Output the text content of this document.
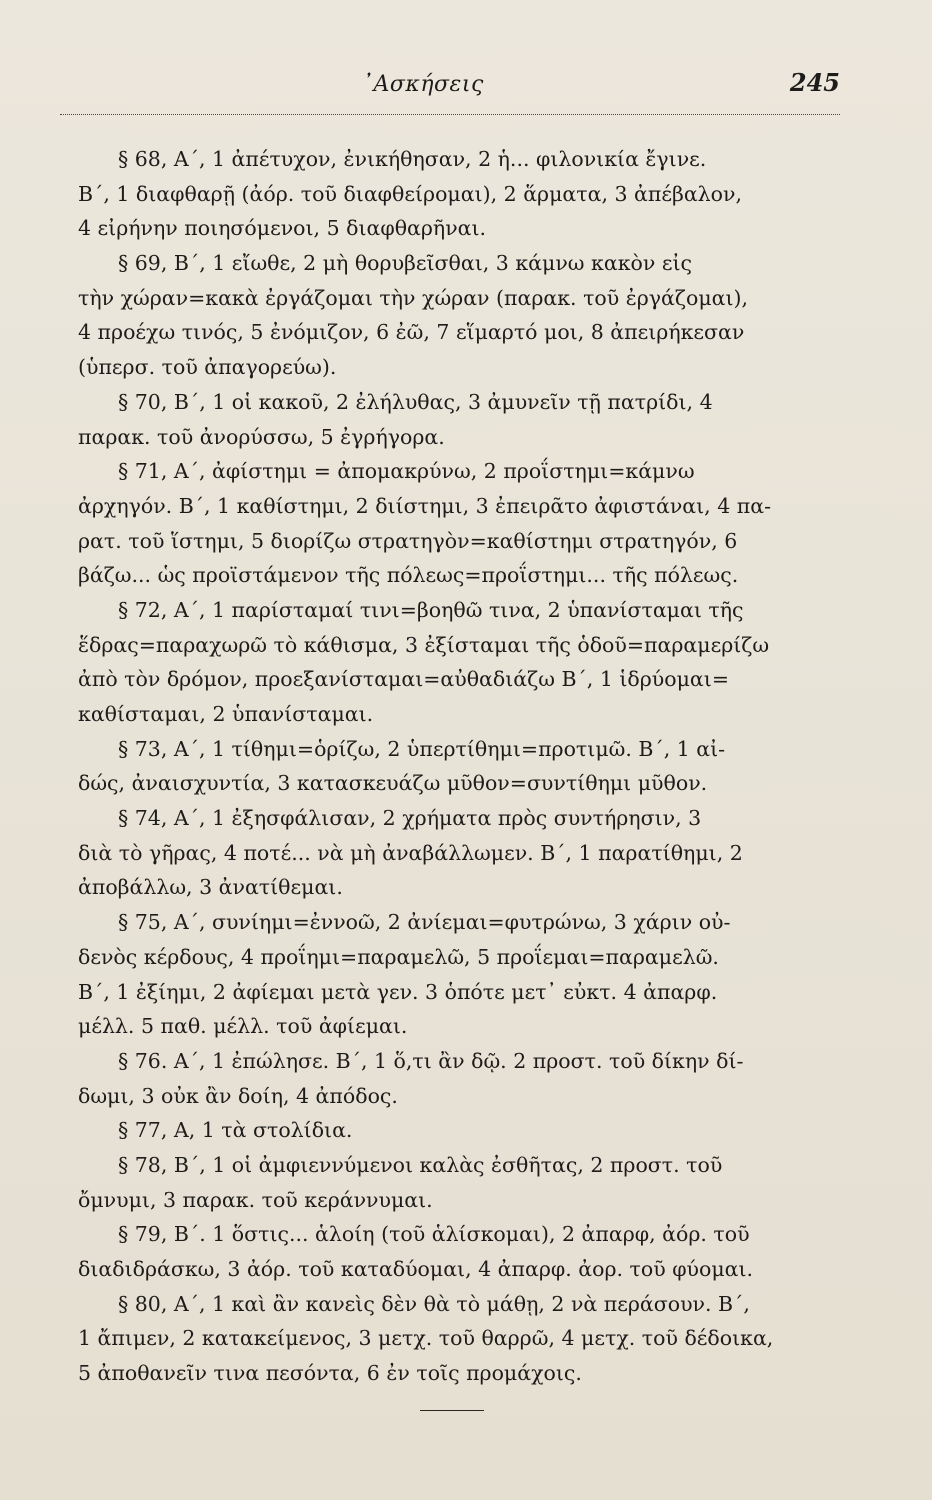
᾽Ασκήσεις	245
§ 68, Α΄, 1 ἀπέτυχον, ἐνικήθησαν, 2 ἡ... φιλονικία ἔγινε.
Β΄, 1 διαφθαρῇ (ἀόρ. τοῦ διαφθείρομαι), 2 ἅρματα, 3 ἀπέβαλον,
4 εἰρήνην ποιησόμενοι, 5 διαφθαρῆναι.
§ 69, Β΄, 1 εἴωθε, 2 μὴ θορυβεῖσθαι, 3 κάμνω κακὸν εἰς
τὴν χώραν=κακὰ ἐργάζομαι τὴν χώραν (παρακ. τοῦ ἐργάζομαι),
4 προέχω τινός, 5 ἐνόμιζον, 6 ἐῶ, 7 εἵμαρτό μοι, 8 ἀπειρήκεσαν
(ὑπερσ. τοῦ ἀπαγορεύω).
§ 70, Β΄, 1 οἱ κακοῦ, 2 ἐλήλυθας, 3 ἀμυνεῖν τῇ πατρίδι, 4
παρακ. τοῦ ἀνορύσσω, 5 ἐγρήγορα.
§ 71, Α΄, ἀφίστημι = ἀπομακρύνω, 2 προΐστημι=κάμνω
ἀρχηγόν. Β΄, 1 καθίστημι, 2 διίστημι, 3 ἐπειρᾶτο ἀφιστάναι, 4 πα-
ρατ. τοῦ ἵστημι, 5 διορίζω στρατηγὸν=καθίστημι στρατηγόν, 6
βάζω... ὡς προϊστάμενον τῆς πόλεως=προΐστημι... τῆς πόλεως.
§ 72, Α΄, 1 παρίσταμαί τινι=βοηθῶ τινα, 2 ὑπανίσταμαι τῆς
ἕδρας=παραχωρῶ τὸ κάθισμα, 3 ἐξίσταμαι τῆς ὁδοῦ=παραμερίζω
ἀπὸ τὸν δρόμον, προεξανίσταμαι=αὐθαδιάζω Β΄, 1 ἱδρύομαι=
καθίσταμαι, 2 ὑπανίσταμαι.
§ 73, Α΄, 1 τίθημι=ὁρίζω, 2 ὑπερτίθημι=προτιμῶ. Β΄, 1 αἰ-
δώς, ἀναισχυντία, 3 κατασκευάζω μῦθον=συντίθημι μῦθον.
§ 74, Α΄, 1 ἐξησφάλισαν, 2 χρήματα πρὸς συντήρησιν, 3
διὰ τὸ γῆρας, 4 ποτέ... νὰ μὴ ἀναβάλλωμεν. Β΄, 1 παρατίθημι, 2
ἀποβάλλω, 3 ἀνατίθεμαι.
§ 75, Α΄, συνίημι=ἐννοῶ, 2 ἀνίεμαι=φυτρώνω, 3 χάριν οὐ-
δενὸς κέρδους, 4 προΐημι=παραμελῶ, 5 προΐεμαι=παραμελῶ.
Β΄, 1 ἐξίημι, 2 ἀφίεμαι μετὰ γεν. 3 ὁπότε μετ᾽ εὐκτ. 4 ἀπαρφ.
μέλλ. 5 παθ. μέλλ. τοῦ ἀφίεμαι.
§ 76. Α΄, 1 ἐπώλησε. Β΄, 1 ὅ,τι ἂν δῷ. 2 προστ. τοῦ δίκην δί-
δωμι, 3 οὐκ ἂν δοίη, 4 ἀπόδος.
§ 77, Α, 1 τὰ στολίδια.
§ 78, Β΄, 1 οἱ ἀμφιεννύμενοι καλὰς ἐσθῆτας, 2 προστ. τοῦ
ὄμνυμι, 3 παρακ. τοῦ κεράννυμαι.
§ 79, Β΄. 1 ὅστις... ἁλοίη (τοῦ ἁλίσκομαι), 2 ἀπαρφ, ἀόρ. τοῦ
διαδιδράσκω, 3 ἀόρ. τοῦ καταδύομαι, 4 ἀπαρφ. ἀορ. τοῦ φύομαι.
§ 80, Α΄, 1 καὶ ἂν κανεὶς δὲν θὰ τὸ μάθῃ, 2 νὰ περάσουν. Β΄,
1 ἄπιμεν, 2 κατακείμενος, 3 μετχ. τοῦ θαρρῶ, 4 μετχ. τοῦ δέδοικα,
5 ἀποθανεῖν τινα πεσόντα, 6 ἐν τοῖς προμάχοις.
